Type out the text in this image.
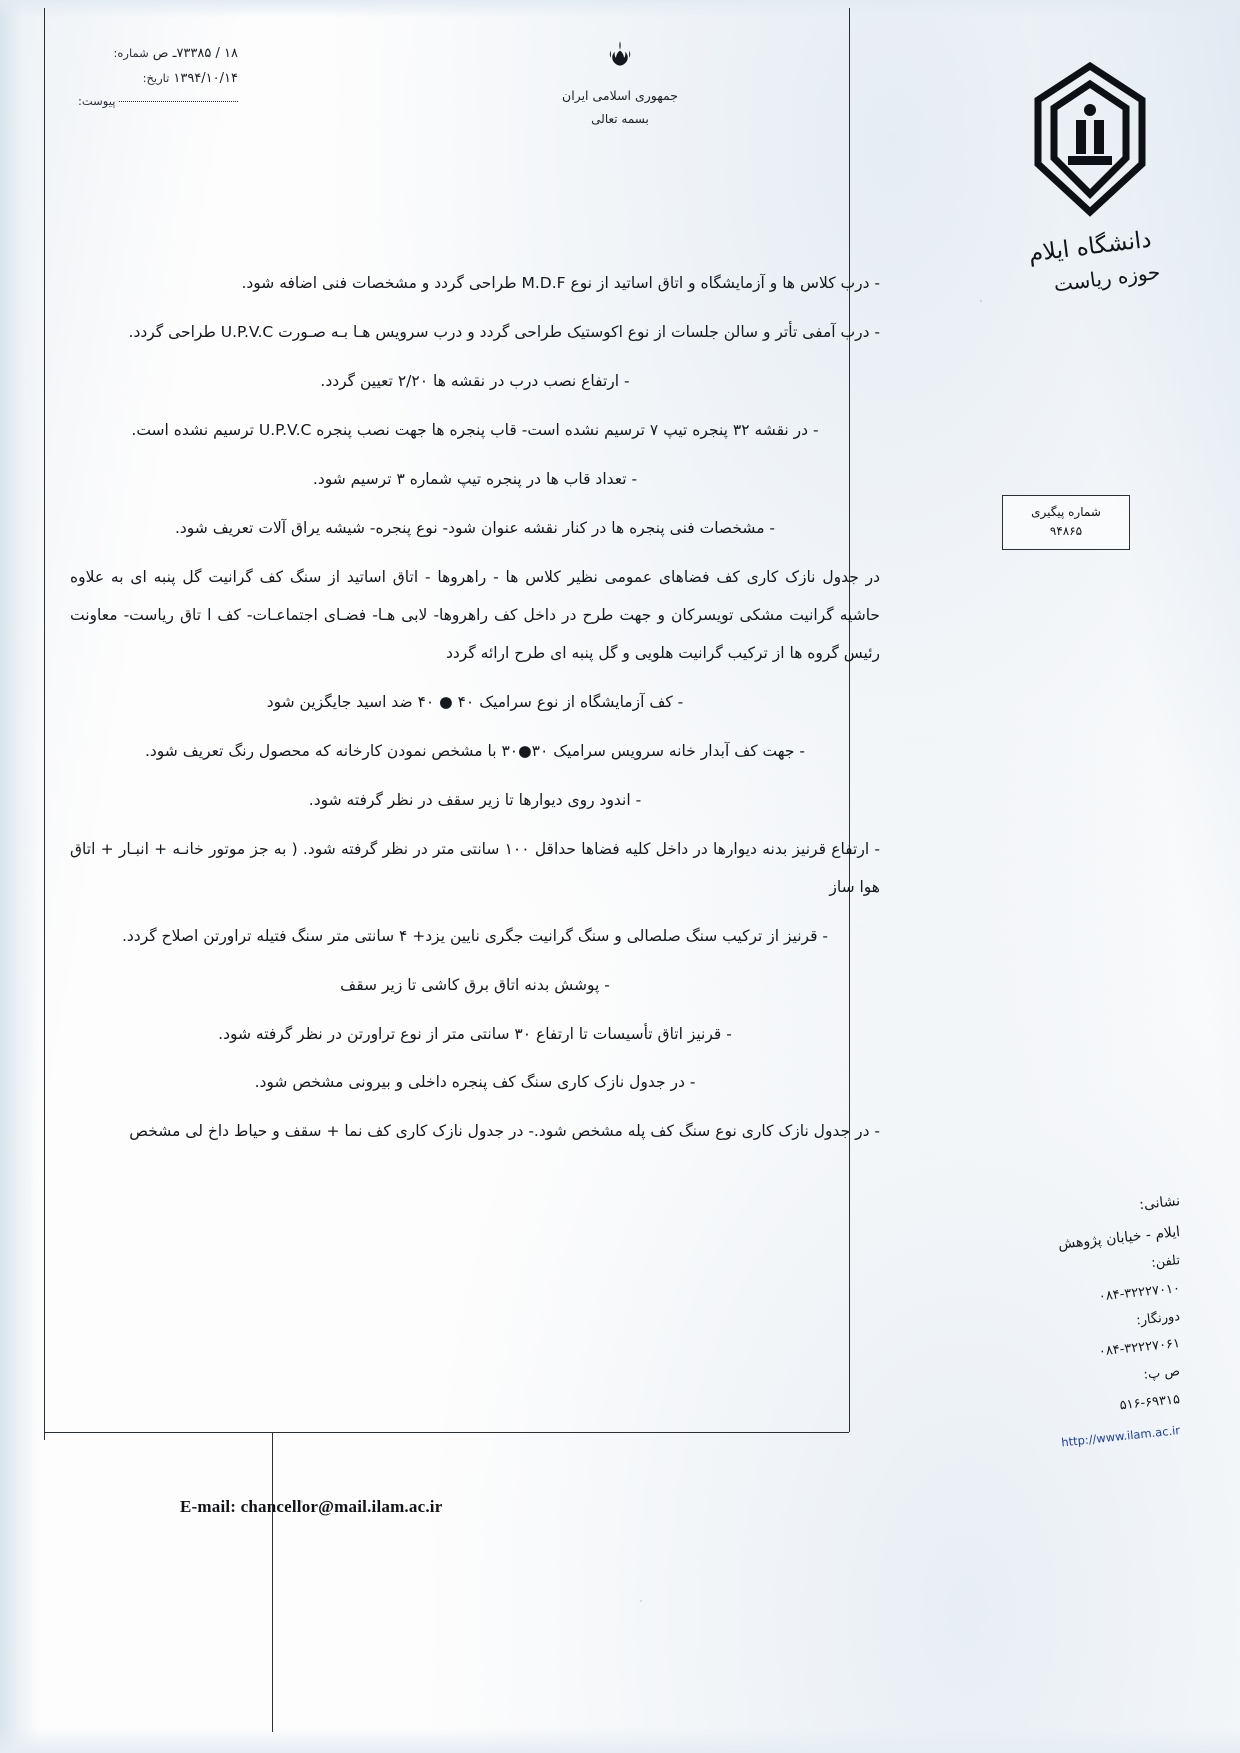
۱۸ / ۷۳۳۸۵ـ ص
شماره:
۱۳۹۴/۱۰/۱۴
تاریخ:
پیوست:	جمهوری اسلامی ایران
بسمه تعالی
دانشگاه ایلام
حوزه ریاست
شماره پیگیری
۹۴۸۶۵
نشانی:
ایلام - خیابان پژوهش
تلفن:
۰۸۴-۳۲۲۲۷۰۱۰
دورنگار:
۰۸۴-۳۲۲۲۷۰۶۱
ص پ:
۵۱۶-۶۹۳۱۵
http://www.ilam.ac.ir

- درب کلاس ها و آزمایشگاه و اتاق اساتید از نوع M.D.F طراحی گردد و مشخصات فنی اضافه شود.

- درب آمفی تأتر و سالن جلسات از نوع اکوستیک طراحی گردد و درب سرویس هـا بـه صـورت U.P.V.C طراحی گردد.

- ارتفاع نصب درب در نقشه ها ۲/۲۰ تعیین گردد.

- در نقشه ۳۲ پنجره تیپ ۷ ترسیم نشده است- قاب پنجره ها جهت نصب پنجره U.P.V.C ترسیم نشده است.

- تعداد قاب ها در پنجره تیپ شماره ۳ ترسیم شود.

- مشخصات فنی پنجره ها در کنار نقشه عنوان شود- نوع پنجره- شیشه یراق آلات تعریف شود.

در جدول نازک کاری کف فضاهای عمومی نظیر کلاس ها - راهروها - اتاق اساتید از سنگ کف گرانیت گل پنبه ای به علاوه حاشیه گرانیت مشکی تویسرکان و جهت طرح در داخل کف راهروها- لابی هـا- فضـای اجتماعـات- کف ا تاق ریاست- معاونت رئیس گروه ها از ترکیب گرانیت هلویی و گل پنبه ای طرح ارائه گردد

- کف آزمایشگاه از نوع سرامیک ۴۰ ● ۴۰ ضد اسید جایگزین شود

- جهت کف آبدار خانه سرویس سرامیک ۳۰●۳۰ با مشخص نمودن کارخانه که محصول رنگ تعریف شود.

- اندود روی دیوارها تا زیر سقف در نظر گرفته شود.

- ارتفاع قرنیز بدنه دیوارها در داخل کلیه فضاها حداقل ۱۰۰ سانتی متر در نظر گرفته شود. ( به جز موتور خانـه + انبـار + اتاق هوا ساز

- قرنیز از ترکیب سنگ صلصالی و سنگ گرانیت جگری نایین یزد+ ۴ سانتی متر سنگ فتیله تراورتن اصلاح گردد.

- پوشش بدنه اتاق برق کاشی تا زیر سقف

- قرنیز اتاق تأسیسات تا ارتفاع ۳۰ سانتی متر از نوع تراورتن در نظر گرفته شود.

- در جدول نازک کاری سنگ کف پنجره داخلی و بیرونی مشخص شود.

- در جدول نازک کاری نوع سنگ کف پله مشخص شود.- در جدول نازک کاری کف نما + سقف و حیاط داخ لی مشخص

E-mail: chancellor@mail.ilam.ac.ir
